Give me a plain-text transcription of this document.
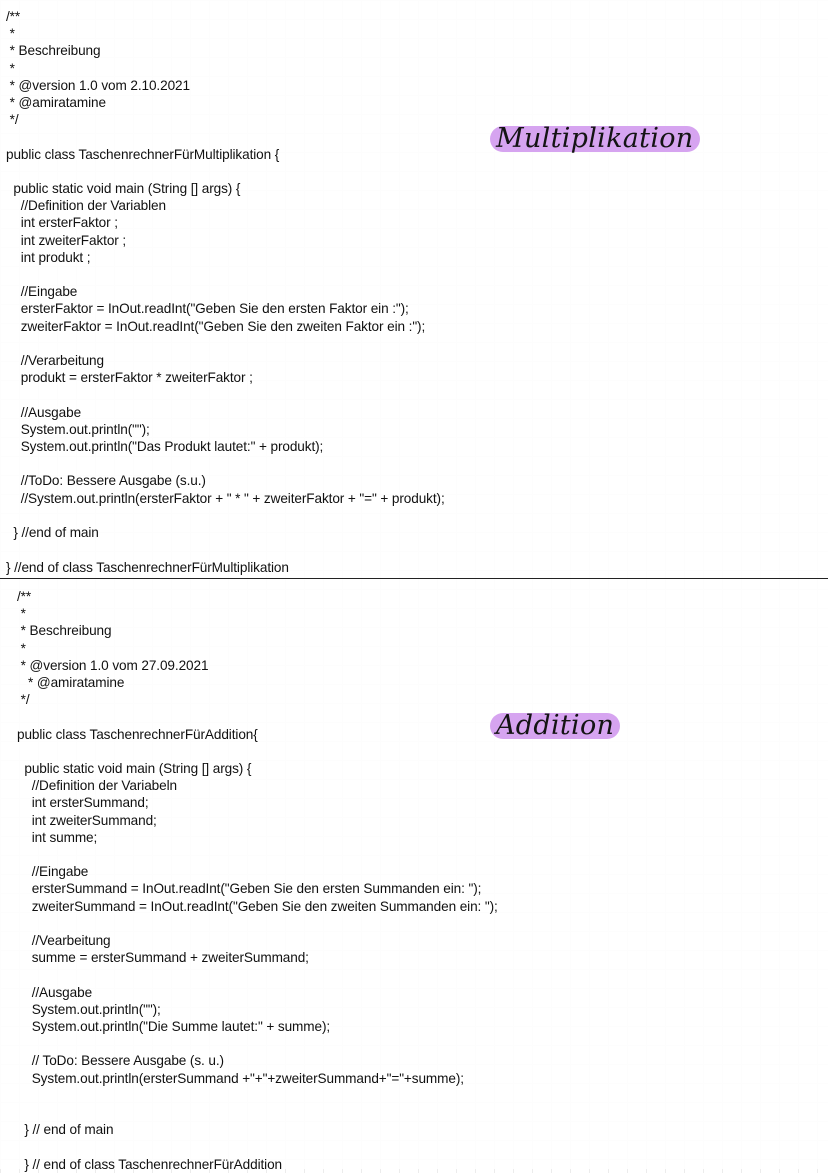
/**
*
* Beschreibung
*
* @version 1.0 vom 2.10.2021
* @amiratamine
*/

public class TaschenrechnerFürMultiplikation {

public static void main (String [] args) {
//Definition der Variablen
int ersterFaktor ;
int zweiterFaktor ;
int produkt ;

//Eingabe
ersterFaktor = InOut.readInt("Geben Sie den ersten Faktor ein :");
zweiterFaktor = InOut.readInt("Geben Sie den zweiten Faktor ein :");

//Verarbeitung
produkt = ersterFaktor * zweiterFaktor ;

//Ausgabe
System.out.println("");
System.out.println("Das Produkt lautet:" + produkt);

//ToDo: Bessere Ausgabe (s.u.)
//System.out.println(ersterFaktor + " * " + zweiterFaktor + "=" + produkt);

} //end of main

} //end of class TaschenrechnerFürMultiplikation
Multiplikation
/**
*
* Beschreibung
*
* @version 1.0 vom 27.09.2021
* @amiratamine
*/

public class TaschenrechnerFürAddition{

public static void main (String [] args) {
//Definition der Variabeln
int ersterSummand;
int zweiterSummand;
int summe;

//Eingabe
ersterSummand = InOut.readInt("Geben Sie den ersten Summanden ein: ");
zweiterSummand = InOut.readInt("Geben Sie den zweiten Summanden ein: ");

//Vearbeitung
summe = ersterSummand + zweiterSummand;

//Ausgabe
System.out.println("");
System.out.println("Die Summe lautet:" + summe);

// ToDo: Bessere Ausgabe (s. u.)
System.out.println(ersterSummand +"+"+zweiterSummand+"="+summe);

} // end of main

} // end of class TaschenrechnerFürAddition
Addition
